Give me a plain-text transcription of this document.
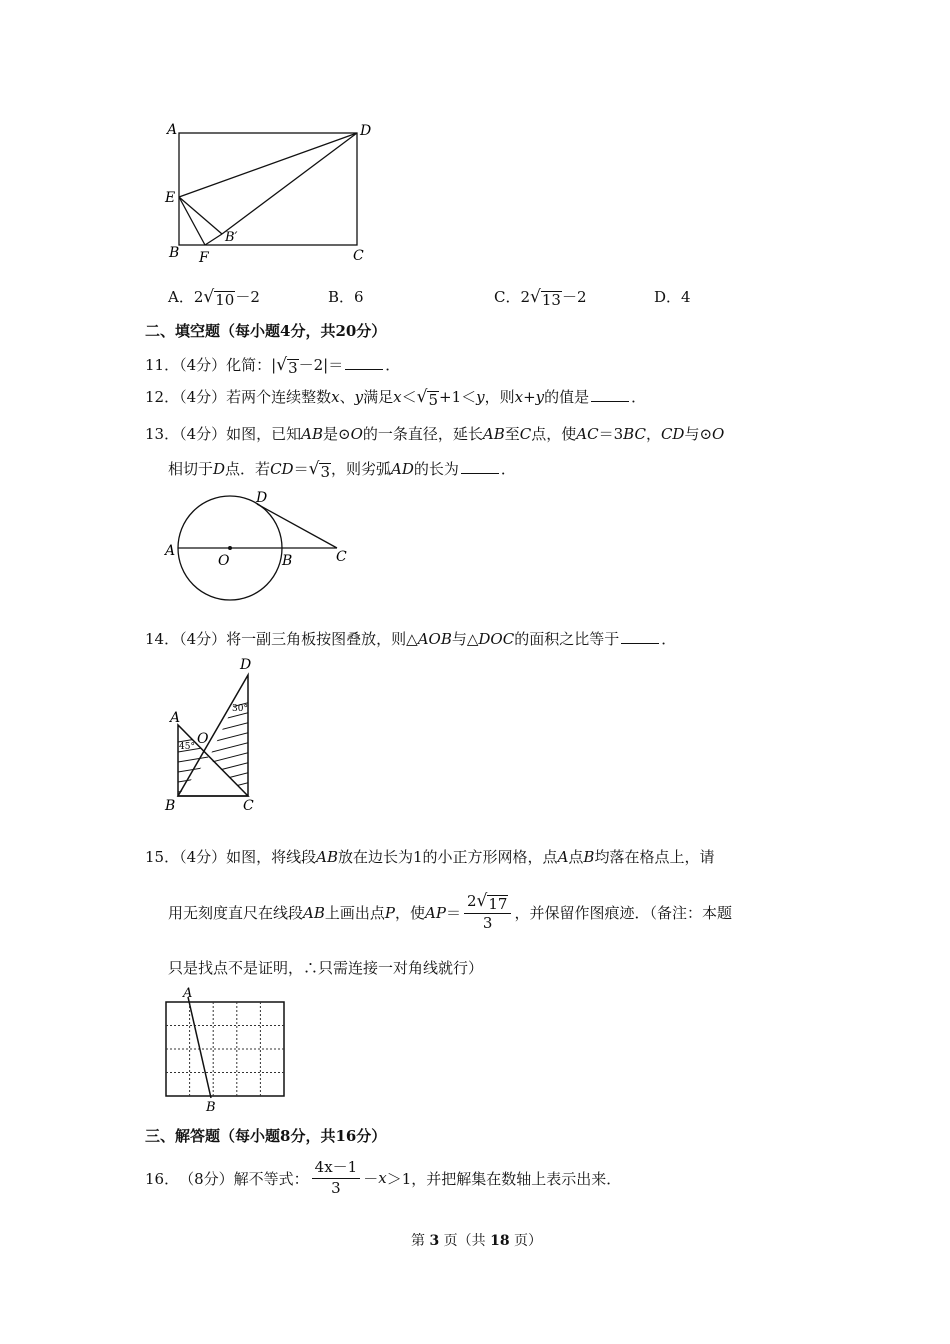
A	D
E
B
B′
F	C
A．2 √ 10 －2	B．6	C．2 √ 13 －2	D．4
二、填空题（每小题4分，共20分）
11．（4分）化简：| √ 3 －2|＝	．
12．（4分）若两个连续整数x、y满足x＜ √ 5 +1＜y，则x+y的值是	．
13．（4分）如图，已知AB是⊙O的一条直径，延长AB至C点，使AC＝3BC，CD与⊙O
相切于D点．若CD＝ √ 3 ，则劣弧AD的长为	．
A
O	B	C
D
14．（4分）将一副三角板按图叠放，则△AOB与△DOC的面积之比等于	．
A
B	C
D
O
30°
45°
15．（4分）如图，将线段AB放在边长为1的小正方形网格，点A点B均落在格点上，请
用无刻度直尺在线段 AB 上画出点 P ，使 AP ＝ $\frac{2 √ 17}{3}$ ，并保留作图痕迹．（备注：本题
只是找点不是证明，∴只需连接一对角线就行）
A
B
三、解答题（每小题8分，共16分）
16． （8分） 解不等式： $\frac{4x-1}{3} - x >1$，并把解集在数轴上表示出来．
第 3 页（共 18 页）
